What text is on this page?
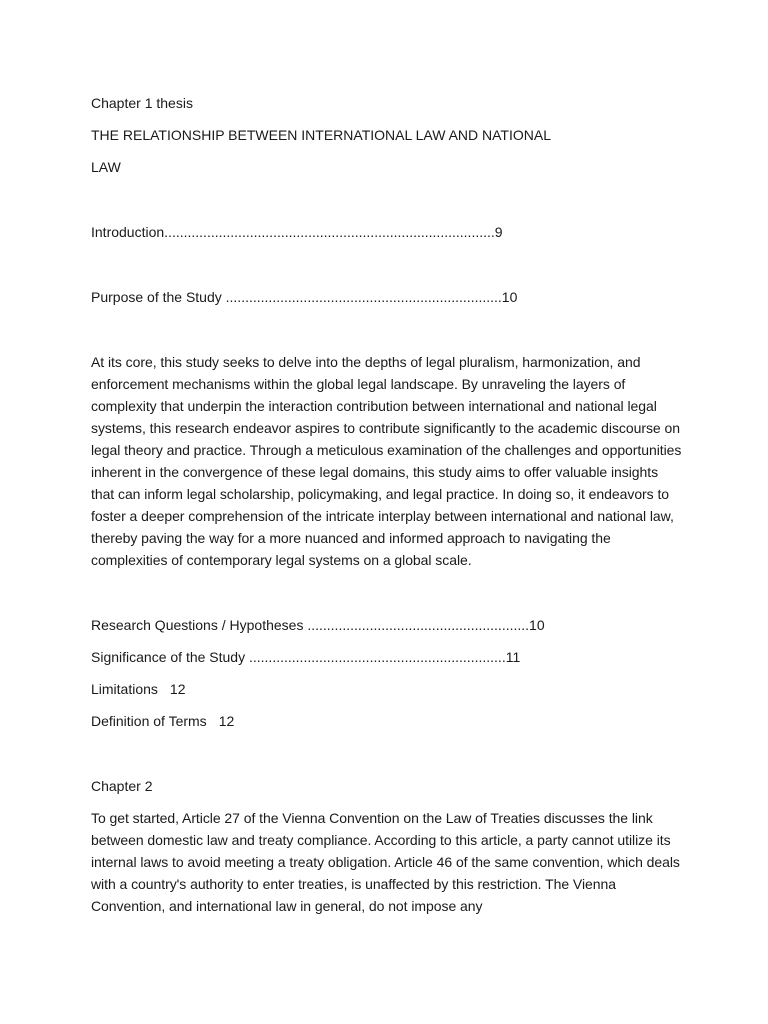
Chapter 1 thesis

THE RELATIONSHIP BETWEEN INTERNATIONAL LAW AND NATIONAL

LAW

Introduction.....................................................................................9

Purpose of the Study .......................................................................10

At its core, this study seeks to delve into the depths of legal pluralism, harmonization, and enforcement mechanisms within the global legal landscape. By unraveling the layers of complexity that underpin the interaction contribution between international and national legal systems, this research endeavor aspires to contribute significantly to the academic discourse on legal theory and practice. Through a meticulous examination of the challenges and opportunities inherent in the convergence of these legal domains, this study aims to offer valuable insights that can inform legal scholarship, policymaking, and legal practice. In doing so, it endeavors to foster a deeper comprehension of the intricate interplay between international and national law, thereby paving the way for a more nuanced and informed approach to navigating the complexities of contemporary legal systems on a global scale.

Research Questions / Hypotheses .........................................................10

Significance of the Study ..................................................................11

Limitations 12

Definition of Terms 12

Chapter 2

To get started, Article 27 of the Vienna Convention on the Law of Treaties discusses the link between domestic law and treaty compliance. According to this article, a party cannot utilize its internal laws to avoid meeting a treaty obligation. Article 46 of the same convention, which deals with a country's authority to enter treaties, is unaffected by this restriction. The Vienna Convention, and international law in general, do not impose any
